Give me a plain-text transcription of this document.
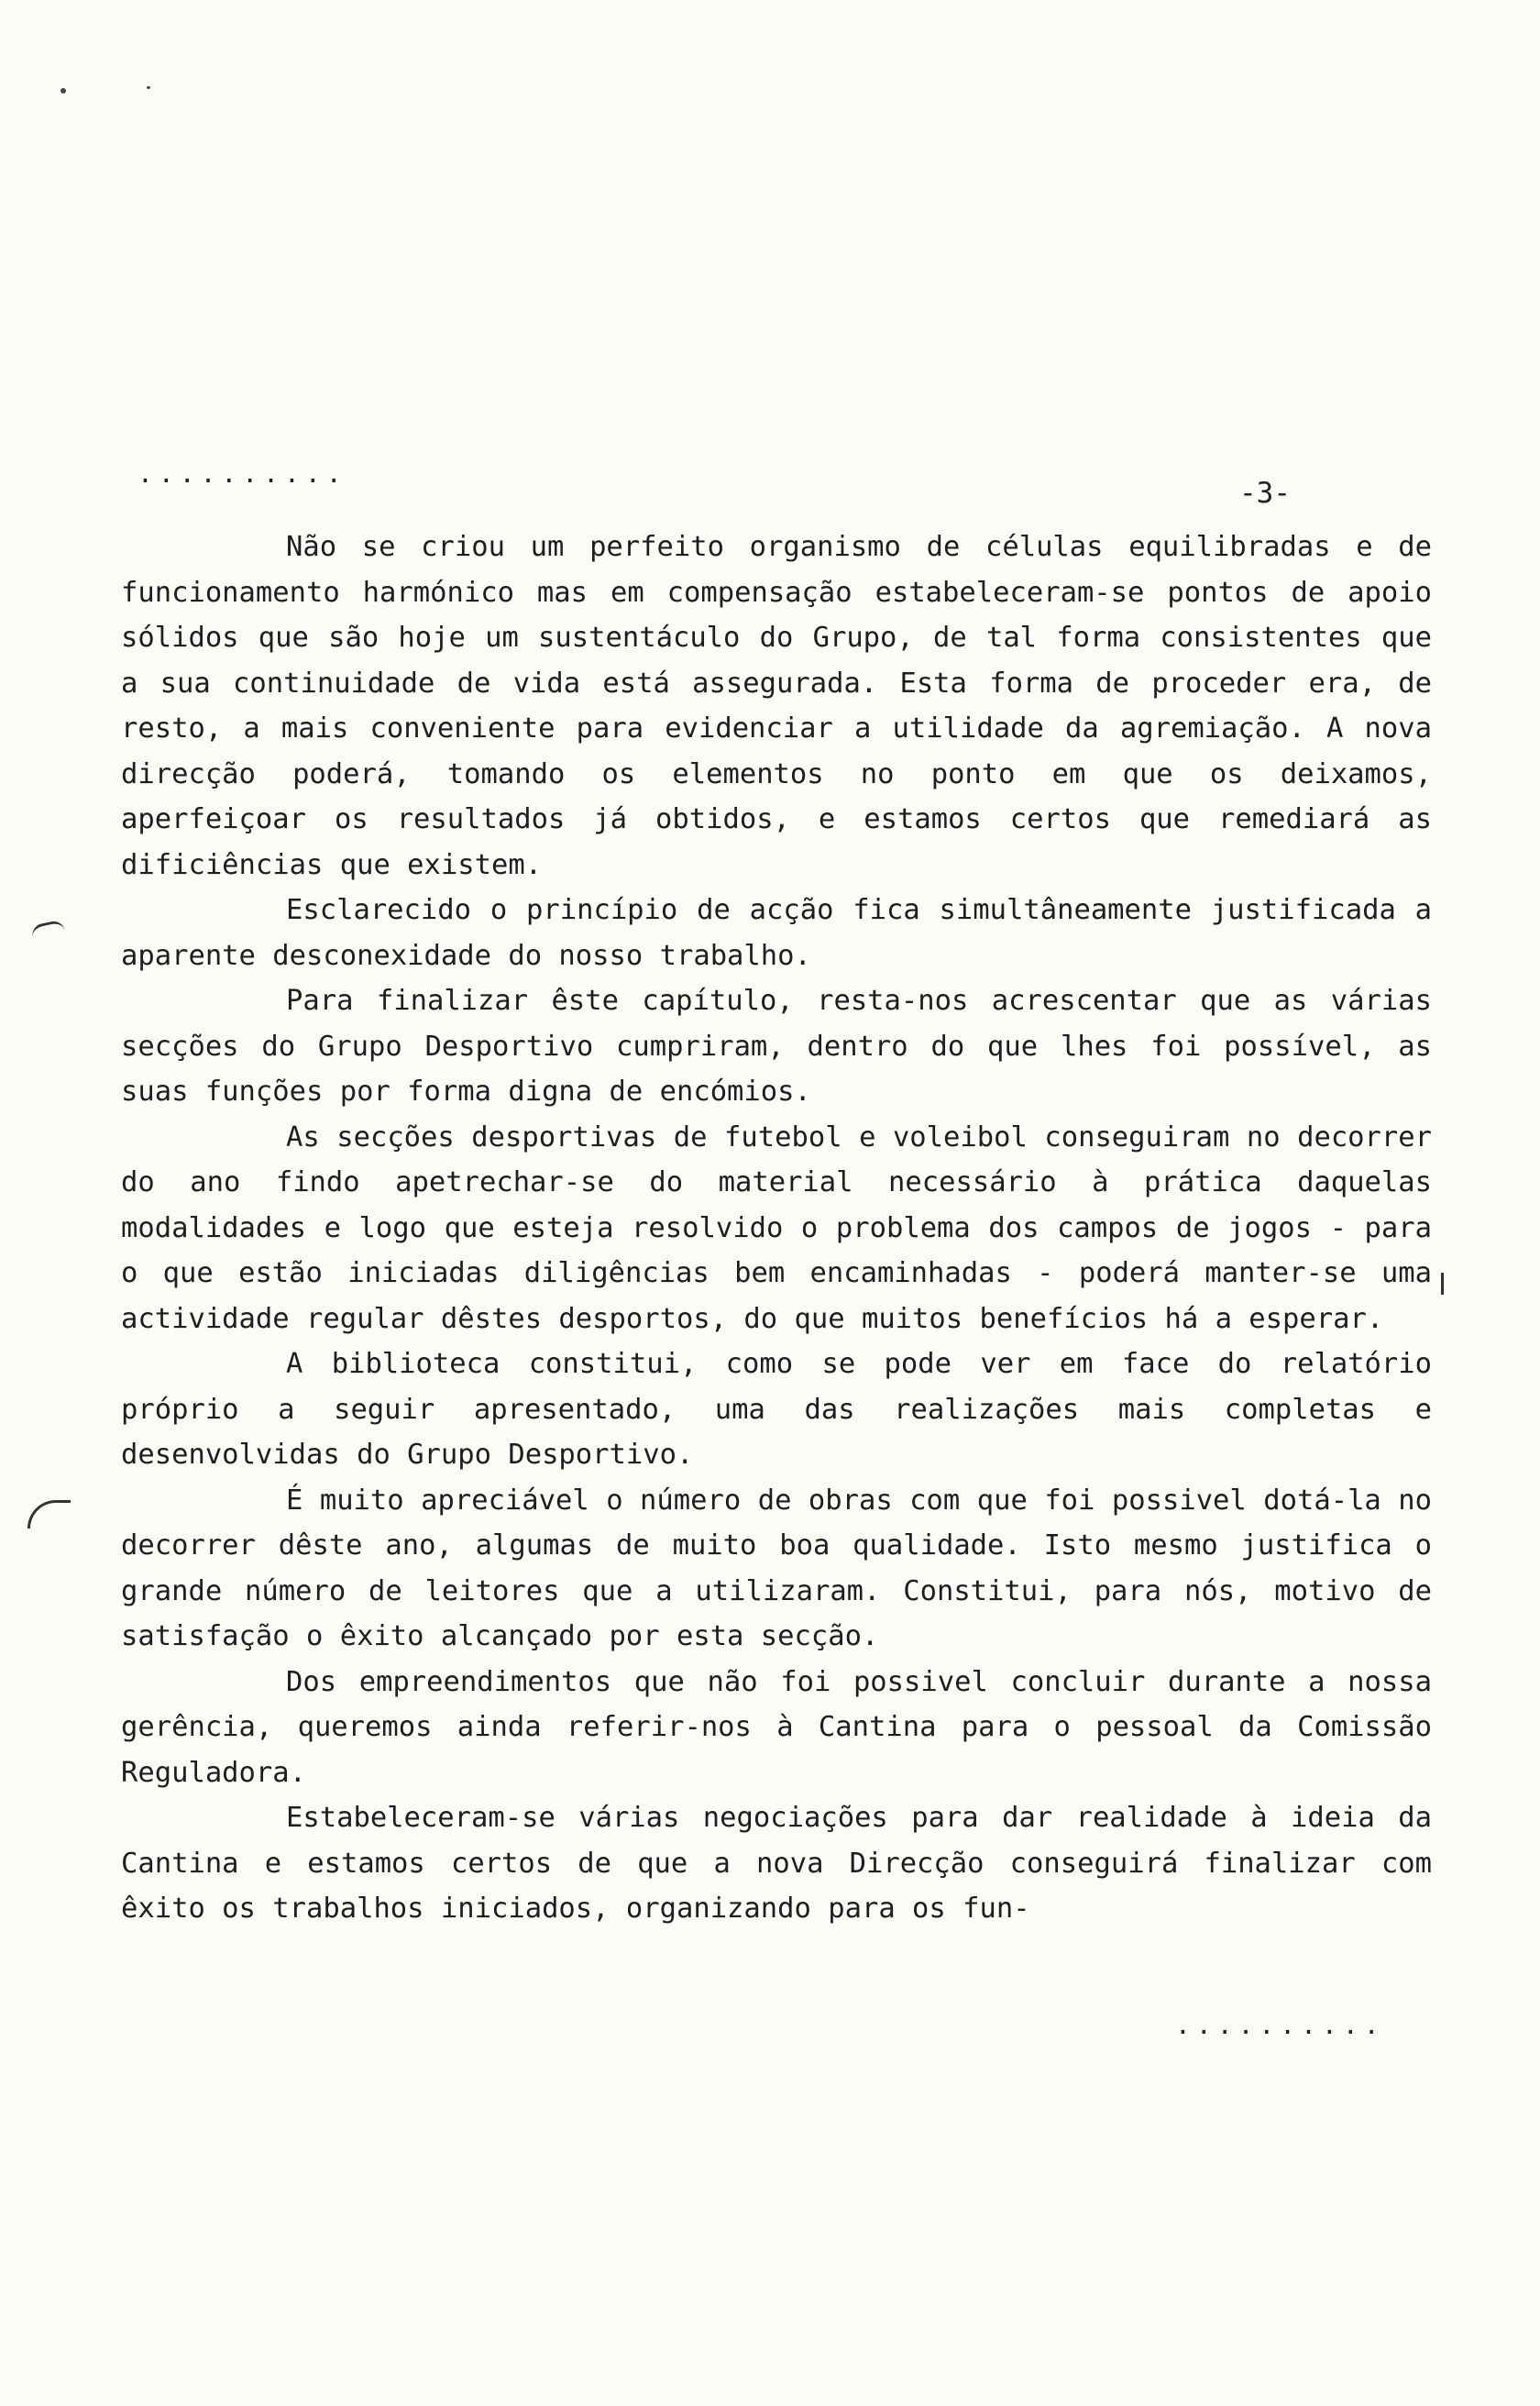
..........
-3-

Não se criou um perfeito organismo de células equilibradas e de funcionamento harmónico mas em compensação estabeleceram-se pontos de apoio sólidos que são hoje um sustentáculo do Grupo, de tal forma consistentes que a sua continuidade de vida está assegurada. Esta forma de proceder era, de resto, a mais conveniente para evidenciar a utilidade da agremiação. A nova direcção poderá, tomando os elementos no ponto em que os deixamos, aperfeiçoar os resultados já obtidos, e estamos certos que remediará as dificiências que existem.

Esclarecido o princípio de acção fica simultâneamente justificada a aparente desconexidade do nosso trabalho.

Para finalizar êste capítulo, resta-nos acrescentar que as várias secções do Grupo Desportivo cumpriram, dentro do que lhes foi possível, as suas funções por forma digna de encómios.

As secções desportivas de futebol e voleibol conseguiram no decorrer do ano findo apetrechar-se do material necessário à prática daquelas modalidades e logo que esteja resolvido o problema dos campos de jogos - para o que estão iniciadas diligências bem encaminhadas - poderá manter-se uma actividade regular dêstes desportos, do que muitos benefícios há a esperar.

A biblioteca constitui, como se pode ver em face do relatório próprio a seguir apresentado, uma das realizações mais completas e desenvolvidas do Grupo Desportivo.

É muito apreciável o número de obras com que foi possivel dotá-la no decorrer dêste ano, algumas de muito boa qualidade. Isto mesmo justifica o grande número de leitores que a utilizaram. Constitui, para nós, motivo de satisfação o êxito alcançado por esta secção.

Dos empreendimentos que não foi possivel concluir durante a nossa gerência, queremos ainda referir-nos à Cantina para o pessoal da Comissão Reguladora.

Estabeleceram-se várias negociações para dar realidade à ideia da Cantina e estamos certos de que a nova Direcção conseguirá finalizar com êxito os trabalhos iniciados, organizando para os fun-

..........
